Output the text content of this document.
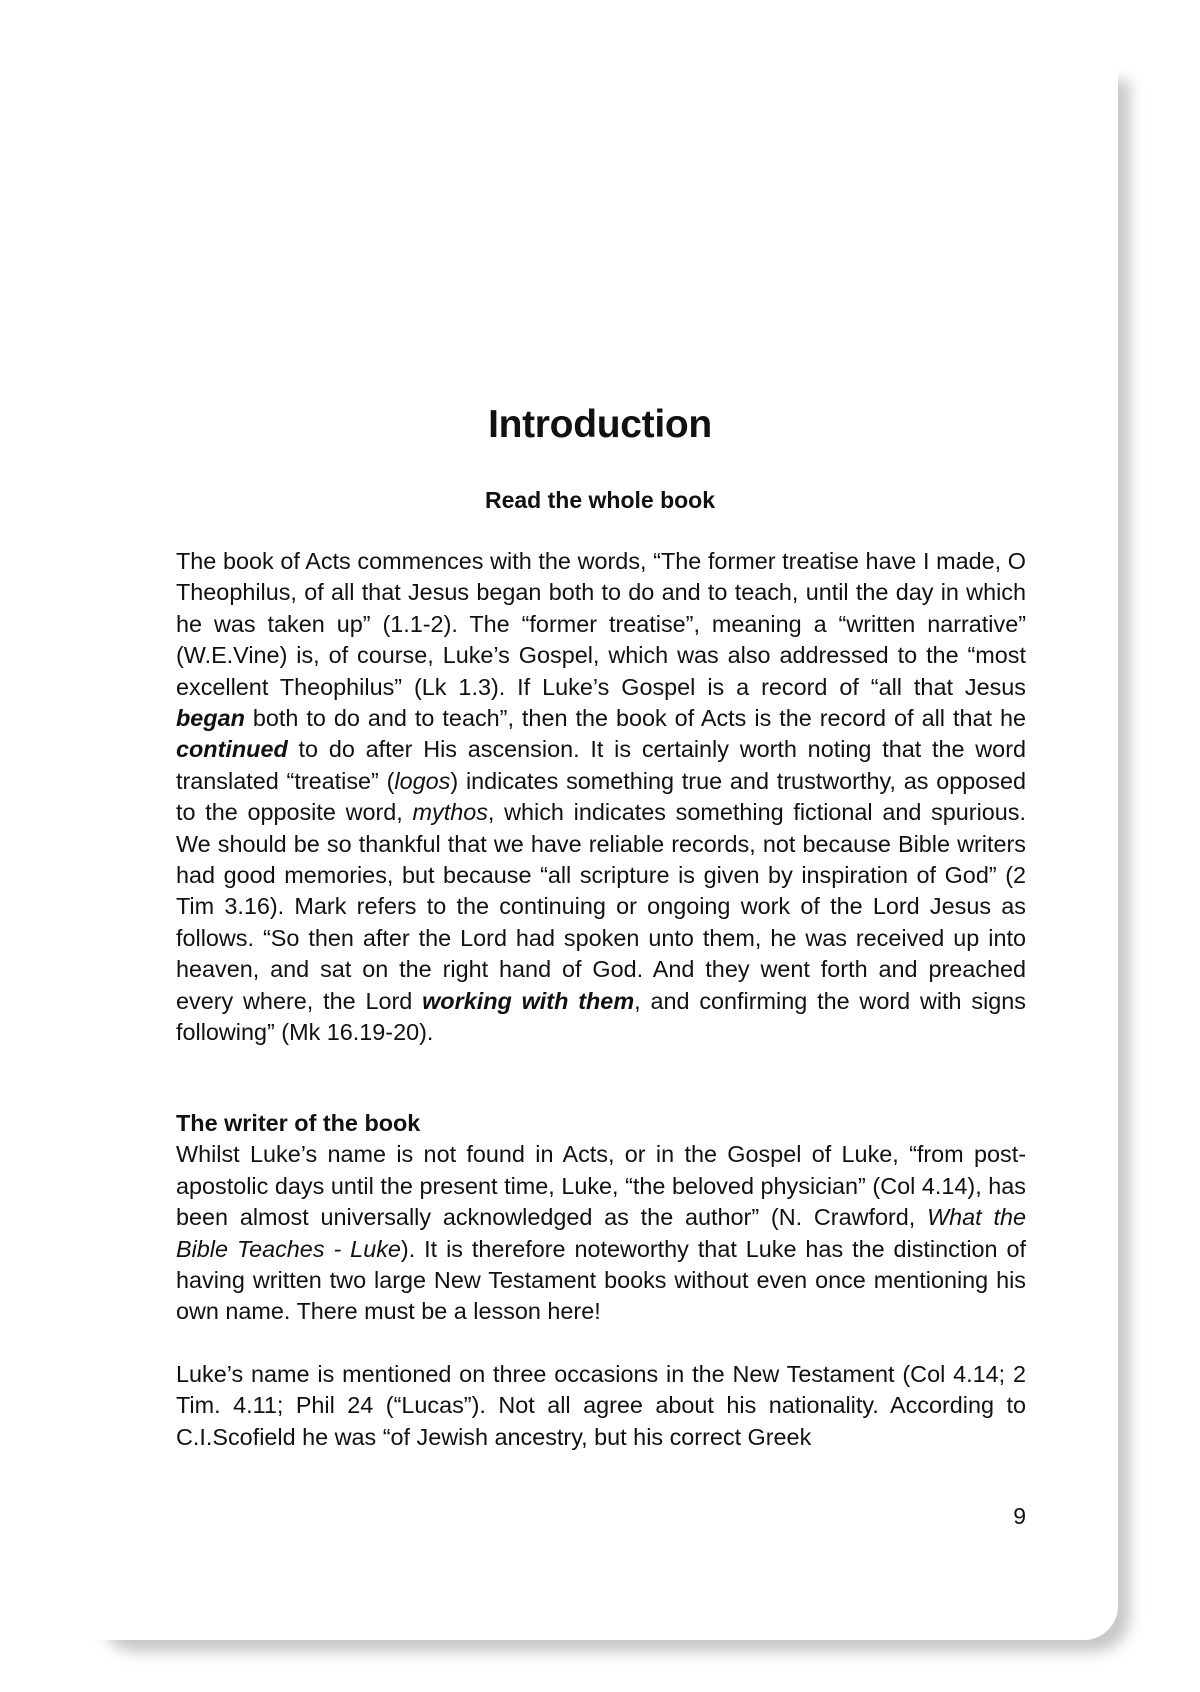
Introduction
Read the whole book

The book of Acts commences with the words, “The former treatise have I made, O Theophilus, of all that Jesus began both to do and to teach, until the day in which he was taken up” (1.1-2). The “former treatise”, meaning a “written narrative” (W.E.Vine) is, of course, Luke’s Gospel, which was also addressed to the “most excellent Theophilus” (Lk 1.3). If Luke’s Gospel is a record of “all that Jesus began both to do and to teach”, then the book of Acts is the record of all that he continued to do after His ascension. It is certainly worth noting that the word translated “treatise” (logos) indicates something true and trustworthy, as opposed to the opposite word, mythos, which indicates something fictional and spurious. We should be so thankful that we have reliable records, not because Bible writers had good memories, but because “all scripture is given by inspiration of God” (2 Tim 3.16). Mark refers to the continuing or ongoing work of the Lord Jesus as follows. “So then after the Lord had spoken unto them, he was received up into heaven, and sat on the right hand of God. And they went forth and preached every where, the Lord working with them, and confirming the word with signs following” (Mk 16.19-20).

The writer of the book

Whilst Luke’s name is not found in Acts, or in the Gospel of Luke, “from post-apostolic days until the present time, Luke, “the beloved physician” (Col 4.14), has been almost universally acknowledged as the author” (N. Crawford, What the Bible Teaches - Luke). It is therefore noteworthy that Luke has the distinction of having written two large New Testament books without even once mentioning his own name. There must be a lesson here!

Luke’s name is mentioned on three occasions in the New Testament (Col 4.14; 2 Tim. 4.11; Phil 24 (“Lucas”). Not all agree about his nationality. According to C.I.Scofield he was “of Jewish ancestry, but his correct Greek

9
